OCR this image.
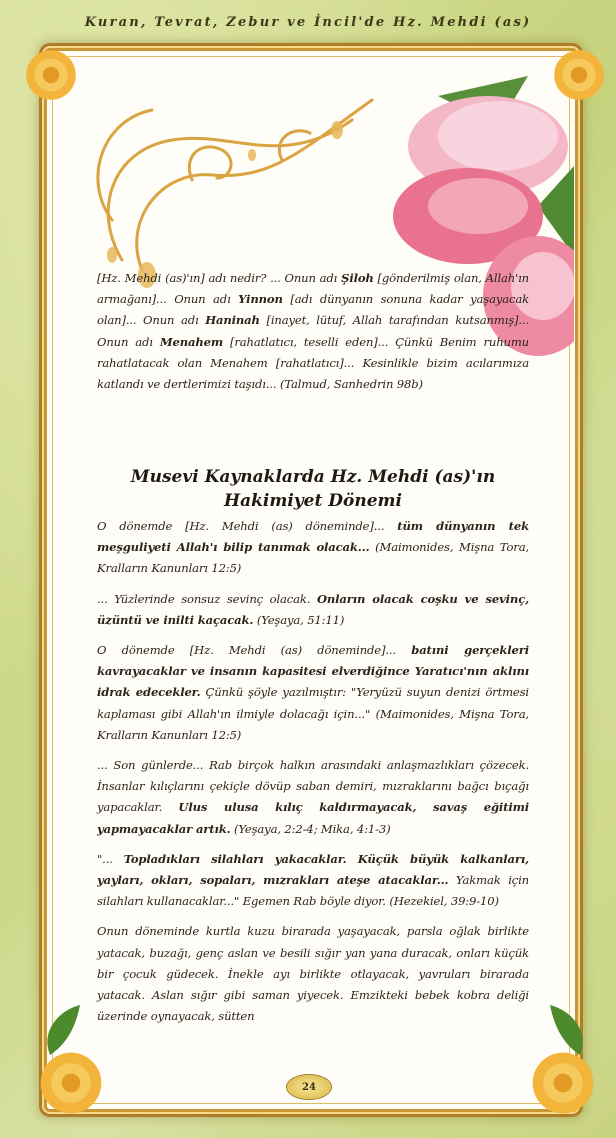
Kuran, Tevrat, Zebur ve İncil'de Hz. Mehdi (as)

[Hz. Mehdi (as)'ın] adı nedir? ... Onun adı Şiloh [gönderilmiş olan, Allah'ın armağanı]... Onun adı Yinnon [adı dünyanın sonuna kadar yaşayacak olan]... Onun adı Haninah [inayet, lütuf, Allah tarafından kutsanmış]... Onun adı Menahem [rahatlatıcı, teselli eden]... Çünkü Benim ruhumu rahatlatacak olan Menahem [rahatlatıcı]... Kesinlikle bizim acılarımıza katlandı ve dertlerimizi taşıdı... (Talmud, Sanhedrin 98b)

Musevi Kaynaklarda Hz. Mehdi (as)'ın
Hakimiyet Dönemi

O dönemde [Hz. Mehdi (as) döneminde]... tüm dünyanın tek meşguliyeti Allah'ı bilip tanımak olacak... (Maimonides, Mişna Tora, Kralların Kanunları 12:5)

... Yüzlerinde sonsuz sevinç olacak. Onların olacak coşku ve sevinç, üzüntü ve inilti kaçacak. (Yeşaya, 51:11)

O dönemde [Hz. Mehdi (as) döneminde]... batıni gerçekleri kavrayacaklar ve insanın kapasitesi elverdiğince Yaratıcı'nın aklını idrak edecekler. Çünkü şöyle yazılmıştır: "Yeryüzü suyun denizi örtmesi kaplaması gibi Allah'ın ilmiyle dolacağı için..." (Maimonides, Mişna Tora, Kralların Kanunları 12:5)

... Son günlerde... Rab birçok halkın arasındaki anlaşmazlıkları çözecek. İnsanlar kılıçlarını çekiçle dövüp saban demiri, mızraklarını bağcı bıçağı yapacaklar. Ulus ulusa kılıç kaldırmayacak, savaş eğitimi yapmayacaklar artık. (Yeşaya, 2:2-4; Mika, 4:1-3)

"... Topladıkları silahları yakacaklar. Küçük büyük kalkanları, yayları, okları, sopaları, mızrakları ateşe atacaklar... Yakmak için silahları kullanacaklar..." Egemen Rab böyle diyor. (Hezekiel, 39:9-10)

Onun döneminde kurtla kuzu birarada yaşayacak, parsla oğlak birlikte yatacak, buzağı, genç aslan ve besili sığır yan yana duracak, onları küçük bir çocuk güdecek. İnekle ayı birlikte otlayacak, yavruları birarada yatacak. Aslan sığır gibi saman yiyecek. Emzikteki bebek kobra deliği üzerinde oynayacak, sütten

24
